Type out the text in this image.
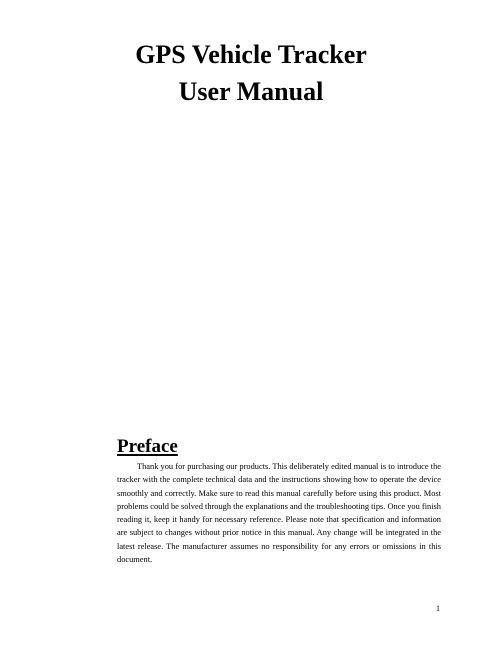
GPS Vehicle Tracker
User Manual
Preface

Thank you for purchasing our products. This deliberately edited manual is to introduce the tracker with the complete technical data and the instructions showing how to operate the device smoothly and correctly. Make sure to read this manual carefully before using this product. Most problems could be solved through the explanations and the troubleshooting tips. Once you finish reading it, keep it handy for necessary reference. Please note that specification and information are subject to changes without prior notice in this manual. Any change will be integrated in the latest release. The manufacturer assumes no responsibility for any errors or omissions in this document.

1
